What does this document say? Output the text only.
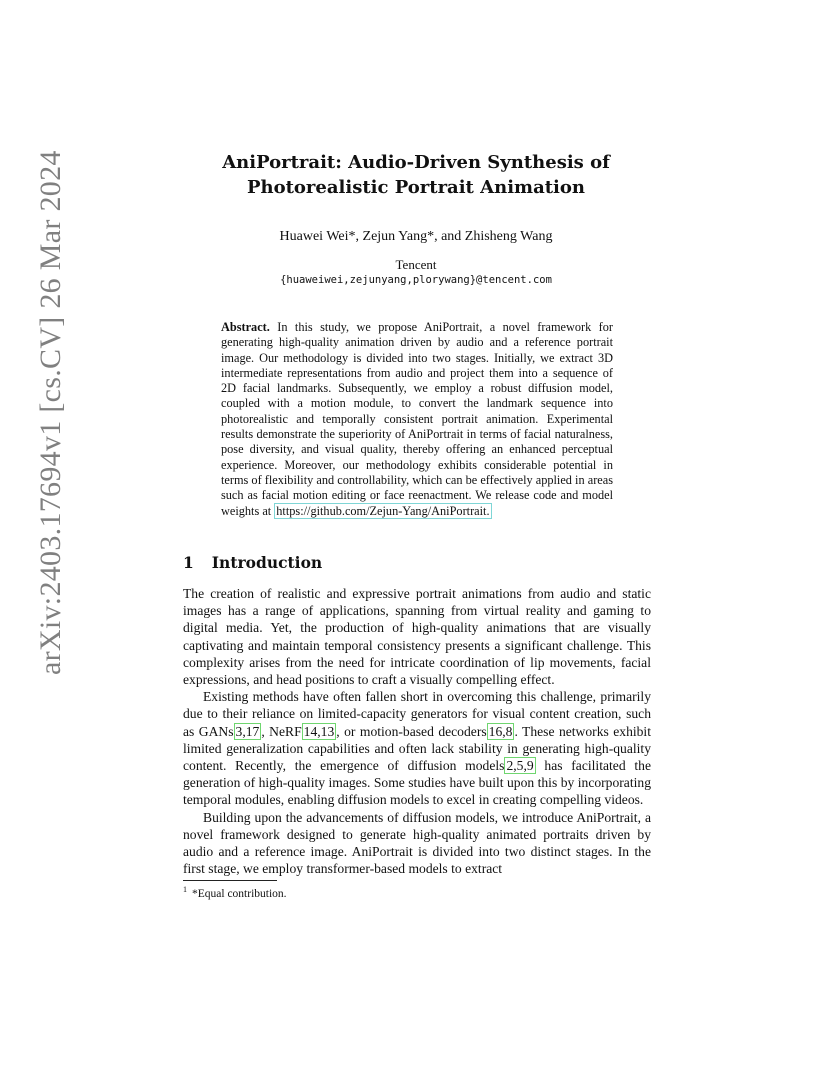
arXiv:2403.17694v1 [cs.CV] 26 Mar 2024	AniPortrait: Audio-Driven Synthesis of
Photorealistic Portrait Animation
Huawei Wei*, Zejun Yang*, and Zhisheng Wang
Tencent
{huaweiwei,zejunyang,plorywang}@tencent.com
Abstract. In this study, we propose AniPortrait, a novel framework for generating high-quality animation driven by audio and a reference portrait image. Our methodology is divided into two stages. Initially, we extract 3D intermediate representations from audio and project them into a sequence of 2D facial landmarks. Subsequently, we employ a robust diffusion model, coupled with a motion module, to convert the landmark sequence into photorealistic and temporally consistent portrait animation. Experimental results demonstrate the superiority of AniPortrait in terms of facial naturalness, pose diversity, and visual quality, thereby offering an enhanced perceptual experience. Moreover, our methodology exhibits considerable potential in terms of flexibility and controllability, which can be effectively applied in areas such as facial motion editing or face reenactment. We release code and model weights at https://github.com/Zejun-Yang/AniPortrait.
1 Introduction

The creation of realistic and expressive portrait animations from audio and static images has a range of applications, spanning from virtual reality and gaming to digital media. Yet, the production of high-quality animations that are visually captivating and maintain temporal consistency presents a significant challenge. This complexity arises from the need for intricate coordination of lip movements, facial expressions, and head positions to craft a visually compelling effect.

Existing methods have often fallen short in overcoming this challenge, primarily due to their reliance on limited-capacity generators for visual content creation, such as GANs 3,17 , NeRF 14,13 , or motion-based decoders 16,8 . These networks exhibit limited generalization capabilities and often lack stability in generating high-quality content. Recently, the emergence of diffusion models 2,5,9 has facilitated the generation of high-quality images. Some studies have built upon this by incorporating temporal modules, enabling diffusion models to excel in creating compelling videos.

Building upon the advancements of diffusion models, we introduce AniPortrait, a novel framework designed to generate high-quality animated portraits driven by audio and a reference image. AniPortrait is divided into two distinct stages. In the first stage, we employ transformer-based models to extract

$^1$ *Equal contribution.
